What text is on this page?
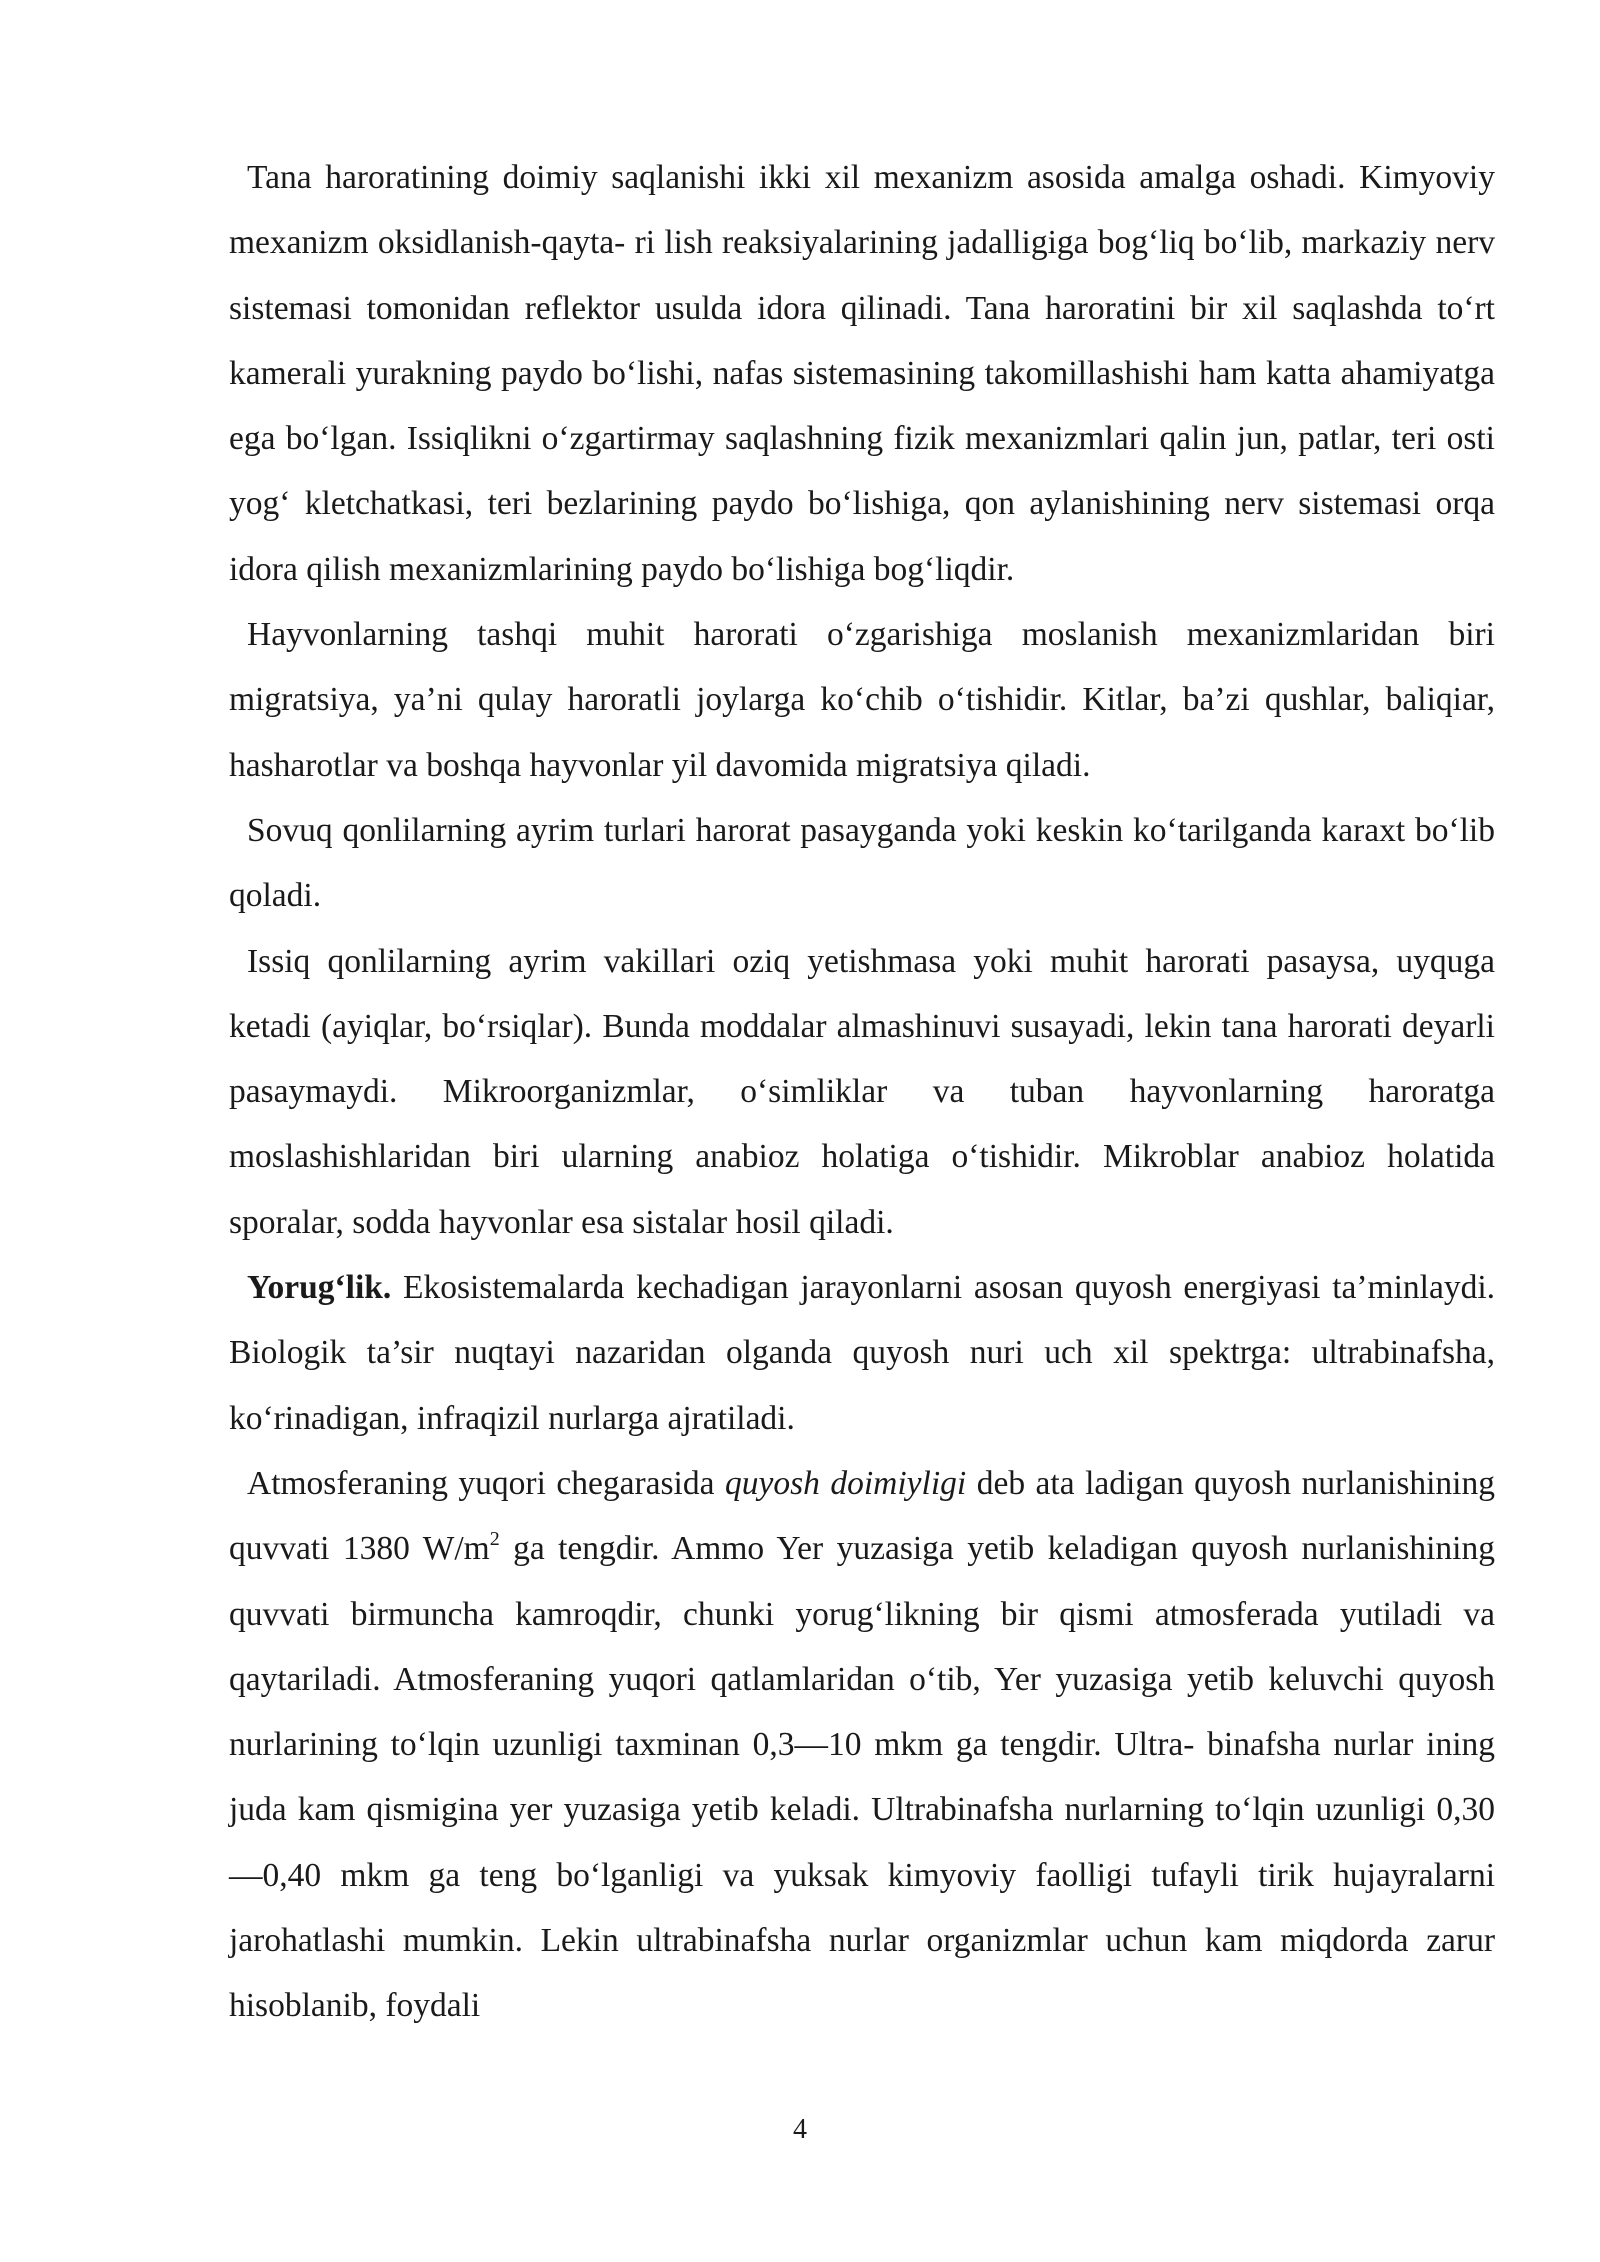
Tana haroratining doimiy saqlanishi ikki xil mexanizm asosida amalga oshadi. Kimyoviy mexanizm oksidlanish-qayta- ri lish reaksiyalarining jadalligiga bog‘liq bo‘lib, markaziy nerv sistemasi tomonidan reflektor usulda idora qilinadi. Tana haroratini bir xil saqlashda to‘rt kamerali yurakning paydo bo‘lishi, nafas sistemasining takomillashishi ham katta ahamiyatga ega bo‘lgan. Issiqlikni o‘zgartirmay saqlashning fizik mexanizmlari qalin jun, patlar, teri osti yog‘ kletchatkasi, teri bezlarining paydo bo‘lishiga, qon aylanishining nerv sistemasi orqa idora qilish mexanizmlarining paydo bo‘lishiga bog‘liqdir.

Hayvonlarning tashqi muhit harorati o‘zgarishiga moslanish mexanizmlaridan biri migratsiya, ya’ni qulay haroratli joylarga ko‘chib o‘tishidir. Kitlar, ba’zi qushlar, baliqiar, hasharotlar va boshqa hayvonlar yil davomida migratsiya qiladi.

Sovuq qonlilarning ayrim turlari harorat pasayganda yoki keskin ko‘tarilganda karaxt bo‘lib qoladi.

Issiq qonlilarning ayrim vakillari oziq yetishmasa yoki muhit harorati pasaysa, uyquga ketadi (ayiqlar, bo‘rsiqlar). Bunda moddalar almashinuvi susayadi, lekin tana harorati deyarli pasaymaydi. Mikroorganizmlar, o‘simliklar va tuban hayvonlarning haroratga moslashishlaridan biri ularning anabioz holatiga o‘tishidir. Mikroblar anabioz holatida sporalar, sodda hayvonlar esa sistalar hosil qiladi.

Yorug‘lik. Ekosistemalarda kechadigan jarayonlarni asosan quyosh energiyasi ta’minlaydi. Biologik ta’sir nuqtayi nazaridan olganda quyosh nuri uch xil spektrga: ultrabinafsha, ko‘rinadigan, infraqizil nurlarga ajratiladi.

Atmosferaning yuqori chegarasida quyosh doimiyligi deb ata ladigan quyosh nurlanishining quvvati 1380 $W/m^2$ ga tengdir. Ammo Yer yuzasiga yetib keladigan quyosh nurlanishining quvvati birmuncha kamroqdir, chunki yorug‘likning bir qismi atmosferada yutiladi va qaytariladi. Atmosferaning yuqori qatlamlaridan o‘tib, Yer yuzasiga yetib keluvchi quyosh nurlarining to‘lqin uzunligi taxminan 0,3—10 mkm ga tengdir. Ultra- binafsha nurlar ining juda kam qismigina yer yuzasiga yetib keladi. Ultrabinafsha nurlarning to‘lqin uzunligi 0,30—0,40 mkm ga teng bo‘lganligi va yuksak kimyoviy faolligi tufayli tirik hujayralarni jarohatlashi mumkin. Lekin ultrabinafsha nurlar organizmlar uchun kam miqdorda zarur hisoblanib, foydali

4
